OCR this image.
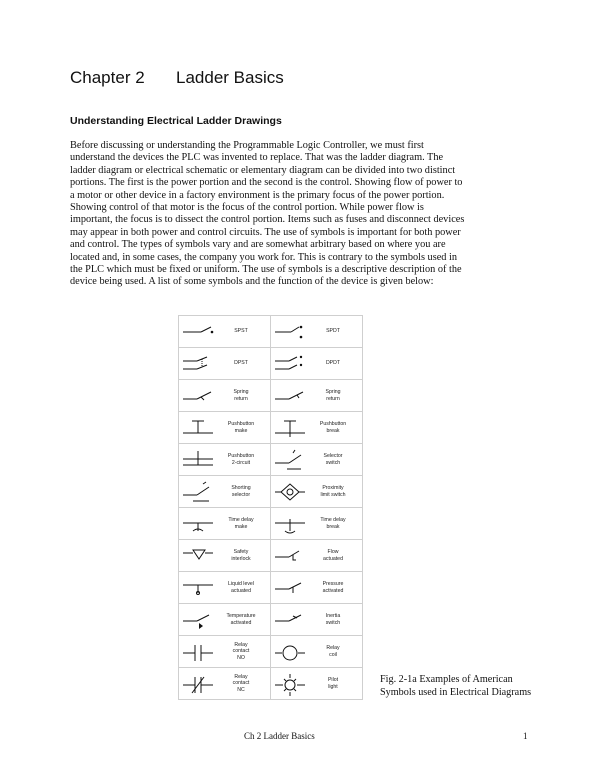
Chapter 2 Ladder Basics
Understanding Electrical Ladder Drawings
Before discussing or understanding the Programmable Logic Controller, we must first
understand the devices the PLC was invented to replace. That was the ladder diagram. The
ladder diagram or electrical schematic or elementary diagram can be divided into two distinct
portions. The first is the power portion and the second is the control. Showing flow of power to
a motor or other device in a factory environment is the primary focus of the power portion.
Showing control of that motor is the focus of the control portion. While power flow is
important, the focus is to dissect the control portion. Items such as fuses and disconnect devices
may appear in both power and control circuits. The use of symbols is important for both power
and control. The types of symbols vary and are somewhat arbitrary based on where you are
located and, in some cases, the company you work for. This is contrary to the symbols used in
the PLC which must be fixed or uniform. The use of symbols is a descriptive description of the
device being used. A list of some symbols and the function of the device is given below:
SPST	SPDT

DPST	DPDT

Spring
return	Spring
return

Pushbutton
make	Pushbutton
break

Pushbutton
2-circuit	Selector
switch

Shorting
selector	Proximity
limit switch

Time delay
make	Time delay
break

Safety
interlock	Flow
actuated

Liquid level
actuated	Pressure
activated

Temperature
activated	Inertia
switch

Relay
contact
NO	Relay
coil

Relay
contact
NC	Pilot
light
Fig. 2-1a Examples of American
Symbols used in Electrical Diagrams
Ch 2 Ladder Basics	1
